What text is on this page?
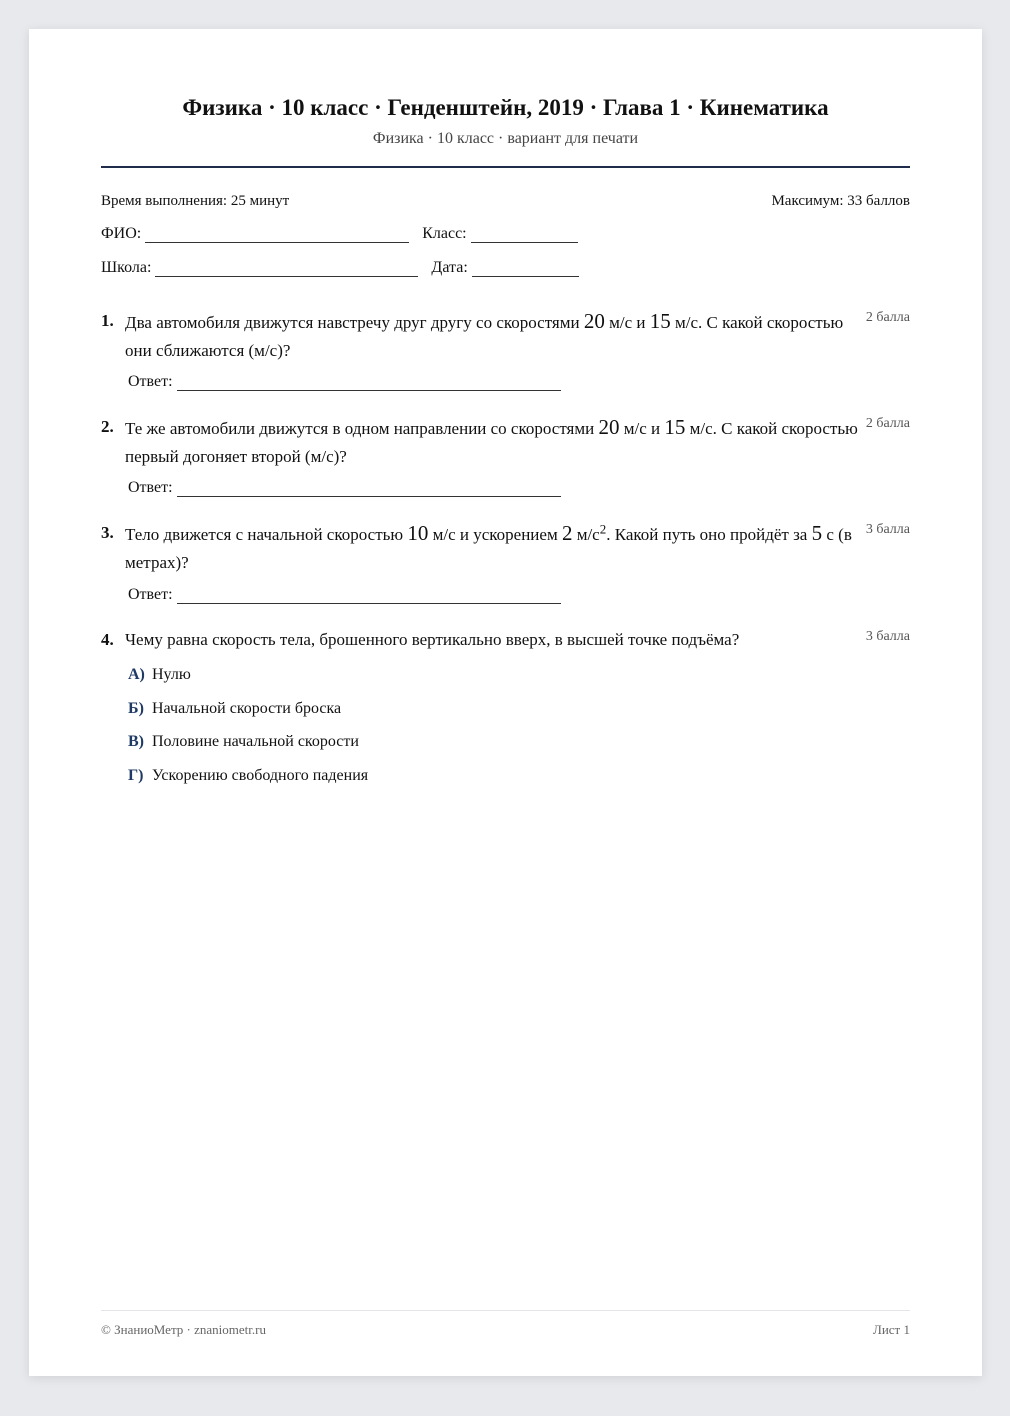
Физика · 10 класс · Генденштейн, 2019 · Глава 1 · Кинематика
Физика · 10 класс · вариант для печати
Время выполнения: 25 минут	Максимум: 33 баллов
ФИО:	Класс:
Школа:	Дата:
1. Два автомобиля движутся навстречу друг другу со скоростями 20 м/с и 15 м/с. С какой скоростью они сближаются (м/с)?
2 балла
Ответ:
2. Те же автомобили движутся в одном направлении со скоростями 20 м/с и 15 м/с. С какой скоростью первый догоняет второй (м/с)?
2 балла
Ответ:
3. Тело движется с начальной скоростью 10 м/с и ускорением 2 $м/с^2$. Какой путь оно пройдёт за 5 с (в метрах)?
3 балла
Ответ:
4. Чему равна скорость тела, брошенного вертикально вверх, в высшей точке подъёма?	3 балла
А) Нулю
Б) Начальной скорости броска
В) Половине начальной скорости
Г) Ускорению свободного падения
© ЗнаниоМетр · znaniometr.ru	Лист 1
